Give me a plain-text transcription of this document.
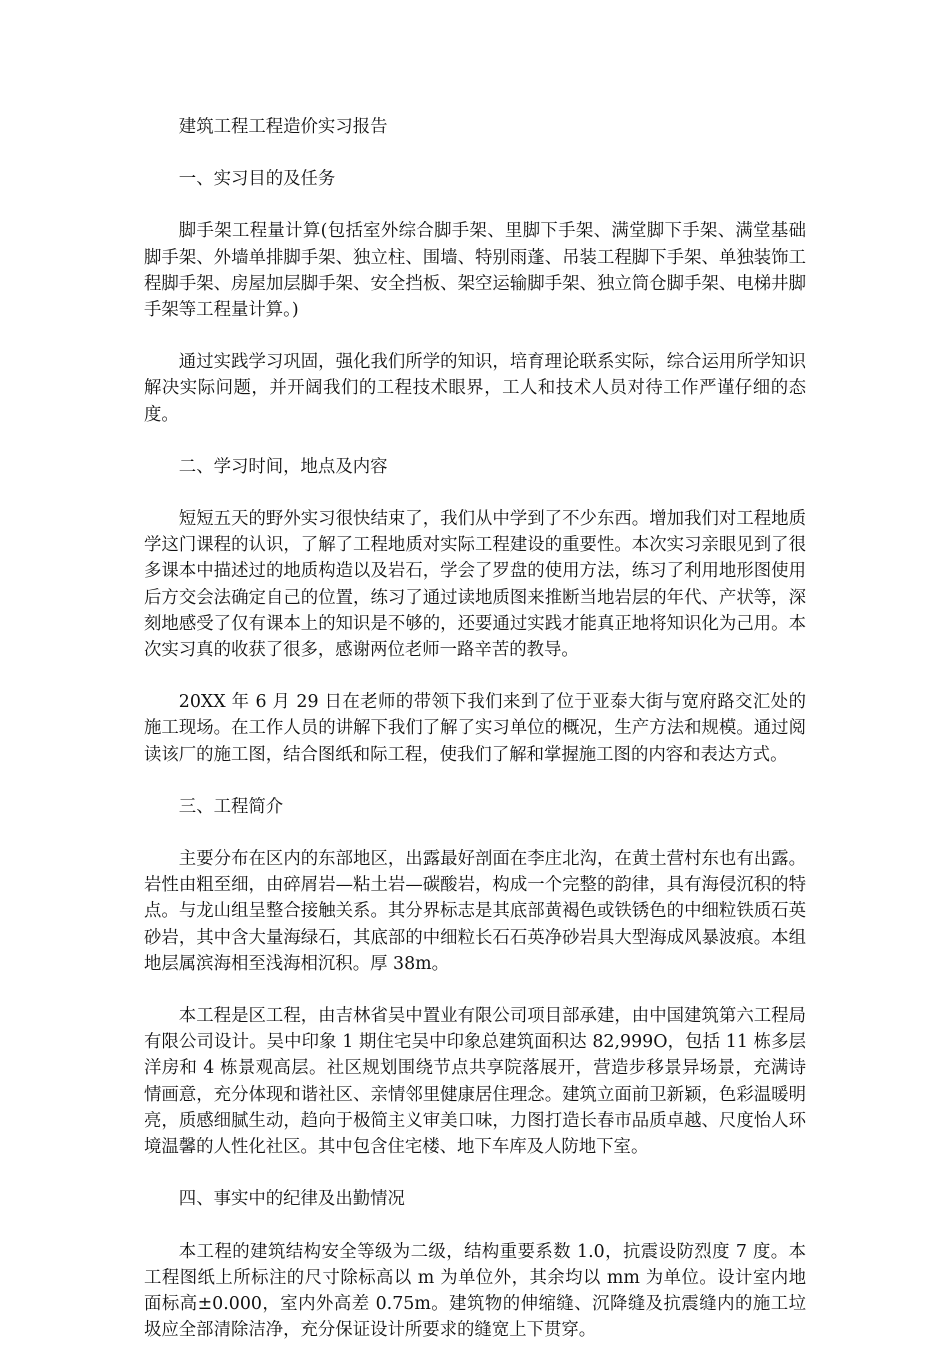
建筑工程工程造价实习报告

一、实习目的及任务

脚手架工程量计算(包括室外综合脚手架、里脚下手架、满堂脚下手架、满堂基础脚手架、外墙单排脚手架、独立柱、围墙、特别雨蓬、吊装工程脚下手架、单独装饰工程脚手架、房屋加层脚手架、安全挡板、架空运输脚手架、独立筒仓脚手架、电梯井脚手架等工程量计算。)

通过实践学习巩固，强化我们所学的知识，培育理论联系实际，综合运用所学知识解决实际问题，并开阔我们的工程技术眼界，工人和技术人员对待工作严谨仔细的态度。

二、学习时间，地点及内容

短短五天的野外实习很快结束了，我们从中学到了不少东西。增加我们对工程地质学这门课程的认识，了解了工程地质对实际工程建设的重要性。本次实习亲眼见到了很多课本中描述过的地质构造以及岩石，学会了罗盘的使用方法，练习了利用地形图使用后方交会法确定自己的位置，练习了通过读地质图来推断当地岩层的年代、产状等，深刻地感受了仅有课本上的知识是不够的，还要通过实践才能真正地将知识化为己用。本次实习真的收获了很多，感谢两位老师一路辛苦的教导。

20XX 年 6 月 29 日在老师的带领下我们来到了位于亚泰大街与宽府路交汇处的施工现场。在工作人员的讲解下我们了解了实习单位的概况，生产方法和规模。通过阅读该厂的施工图，结合图纸和际工程，使我们了解和掌握施工图的内容和表达方式。

三、工程简介

主要分布在区内的东部地区，出露最好剖面在李庄北沟，在黄土营村东也有出露。岩性由粗至细，由碎屑岩—粘土岩—碳酸岩，构成一个完整的韵律，具有海侵沉积的特点。与龙山组呈整合接触关系。其分界标志是其底部黄褐色或铁锈色的中细粒铁质石英砂岩，其中含大量海绿石，其底部的中细粒长石石英净砂岩具大型海成风暴波痕。本组地层属滨海相至浅海相沉积。厚 38m。

本工程是区工程，由吉林省吴中置业有限公司项目部承建，由中国建筑第六工程局有限公司设计。吴中印象 1 期住宅吴中印象总建筑面积达 82,999O，包括 11 栋多层洋房和 4 栋景观高层。社区规划围绕节点共享院落展开，营造步移景异场景，充满诗情画意，充分体现和谐社区、亲情邻里健康居住理念。建筑立面前卫新颖，色彩温暖明亮，质感细腻生动，趋向于极简主义审美口味，力图打造长春市品质卓越、尺度怡人环境温馨的人性化社区。其中包含住宅楼、地下车库及人防地下室。

四、事实中的纪律及出勤情况

本工程的建筑结构安全等级为二级，结构重要系数 1.0，抗震设防烈度 7 度。本工程图纸上所标注的尺寸除标高以 m 为单位外，其余均以 mm 为单位。设计室内地面标高±0.000，室内外高差 0.75m。建筑物的伸缩缝、沉降缝及抗震缝内的施工垃圾应全部清除洁净，充分保证设计所要求的缝宽上下贯穿。
